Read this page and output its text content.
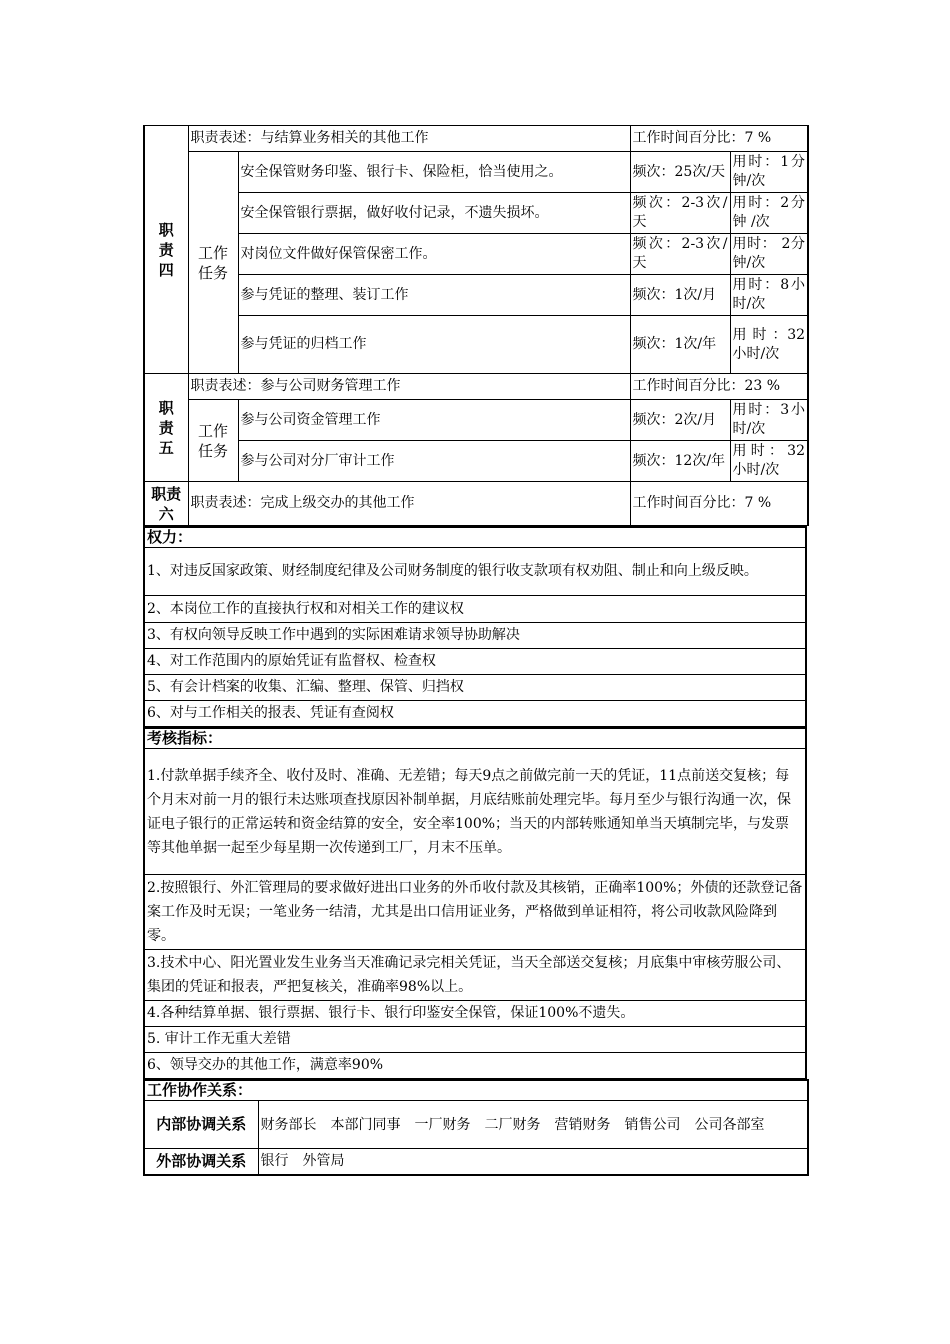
职
责
四	职责表述：与结算业务相关的其他工作		工作时间百分比：7 %	

	工作
任务	安全保管财务印鉴、银行卡、保险柜，恰当使用之。	频次：25次/天	用时：1分钟/次
		安全保管银行票据，做好收付记录，不遗失损坏。	频次：2-3次/天	用时：2分钟 /次
		对岗位文件做好保管保密工作。	频次：2-3次/天	用时： 2分钟/次
		参与凭证的整理、装订工作	频次：1次/月	用时：8小时/次
		参与凭证的归档工作	频次：1次/年	用 时 ：32小时/次

职
责
五	职责表述：参与公司财务管理工作		工作时间百分比：23 %	

	工作
任务	参与公司资金管理工作	频次：2次/月	用时：3小时/次
		参与公司对分厂审计工作	频次：12次/年	用时：32小时/次

职责
六	职责表述：完成上级交办的其他工作		工作时间百分比：7 %	
权力：
1、对违反国家政策、财经制度纪律及公司财务制度的银行收支款项有权劝阻、制止和向上级反映。
2、本岗位工作的直接执行权和对相关工作的建议权
3、有权向领导反映工作中遇到的实际困难请求领导协助解决
4、对工作范围内的原始凭证有监督权、检查权
5、有会计档案的收集、汇编、整理、保管、归挡权
6、对与工作相关的报表、凭证有查阅权
考核指标：
1.付款单据手续齐全、收付及时、准确、无差错；每天9点之前做完前一天的凭证，11点前送交复核；每个月末对前一月的银行未达账项查找原因补制单据，月底结账前处理完毕。每月至少与银行沟通一次，保证电子银行的正常运转和资金结算的安全，安全率100%；当天的内部转账通知单当天填制完毕，与发票等其他单据一起至少每星期一次传递到工厂，月末不压单。
2.按照银行、外汇管理局的要求做好进出口业务的外币收付款及其核销，正确率100%；外债的还款登记备案工作及时无误；一笔业务一结清，尤其是出口信用证业务，严格做到单证相符，将公司收款风险降到零。
3.技术中心、阳光置业发生业务当天准确记录完相关凭证，当天全部送交复核；月底集中审核劳服公司、集团的凭证和报表，严把复核关，准确率98%以上。
4.各种结算单据、银行票据、银行卡、银行印鉴安全保管，保证100%不遗失。
5. 审计工作无重大差错
6、领导交办的其他工作，满意率90%
工作协作关系：	
内部协调关系	财务部长　本部门同事　一厂财务　二厂财务　营销财务　销售公司　公司各部室
外部协调关系	银行　外管局
